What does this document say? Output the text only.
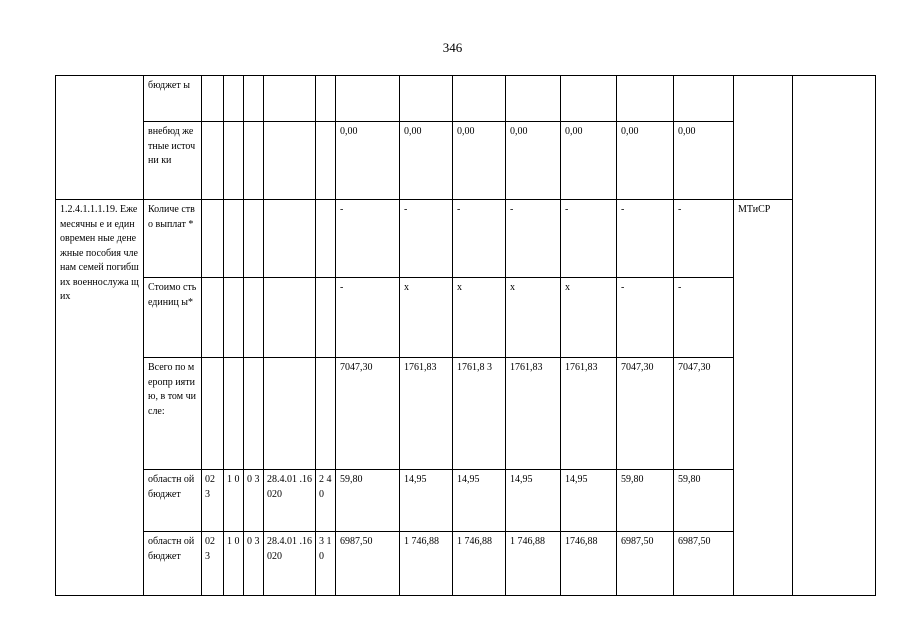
346
	бюджет ы														
	внебюд жетные источни ки						0,00	0,00	0,00	0,00	0,00	0,00	0,00		
1.2.4.1.1.1.19. Ежемесячны е и единовремен ные денежные пособия членам семей погибших военнослужа щих	Количе ство выплат *						-	-	-	-	-	-	-	МТиСР	
	Стоимо сть единиц ы*						-	х	х	х	х	-	-		
	Всего по меропр иятию, в том числе:						7047,30	1761,83	1761,8 3	1761,83	1761,83	7047,30	7047,30		
	областн ой бюджет	02 3	1 0	0 3	28.4.01 .16020	2 4 0	59,80	14,95	14,95	14,95	14,95	59,80	59,80		
	областн ой бюджет	02 3	1 0	0 3	28.4.01 .16020	3 1 0	6987,50	1 746,88	1 746,88	1 746,88	1746,88	6987,50	6987,50		
